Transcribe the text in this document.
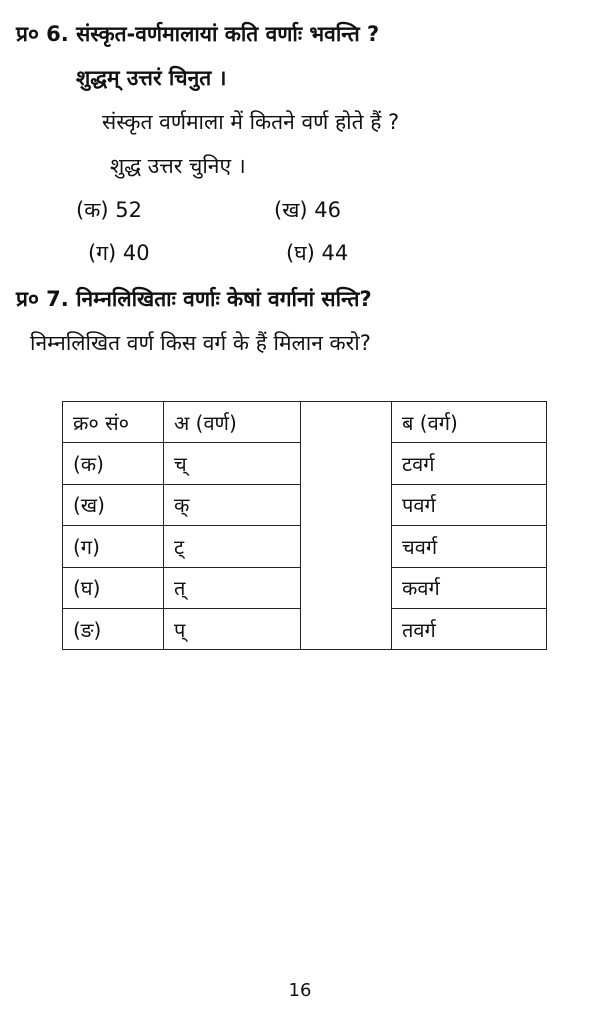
प्र० 6. संस्कृत-वर्णमालायां कति वर्णाः भवन्ति ?
शुद्धम् उत्तरं चिनुत ।
संस्कृत वर्णमाला में कितने वर्ण होते हैं ?
शुद्ध उत्तर चुनिए ।
(क) 52	(ख) 46
(ग) 40	(घ) 44
प्र० 7. निम्नलिखिताः वर्णाः केषां वर्गानां सन्ति?
निम्नलिखित वर्ण किस वर्ग के हैं मिलान करो?
क्र० सं०	अ (वर्ण)		ब (वर्ग)
(क)	च्		टवर्ग
(ख)	क्		पवर्ग
(ग)	ट्		चवर्ग
(घ)	त्		कवर्ग
(ङ)	प्		तवर्ग
16
